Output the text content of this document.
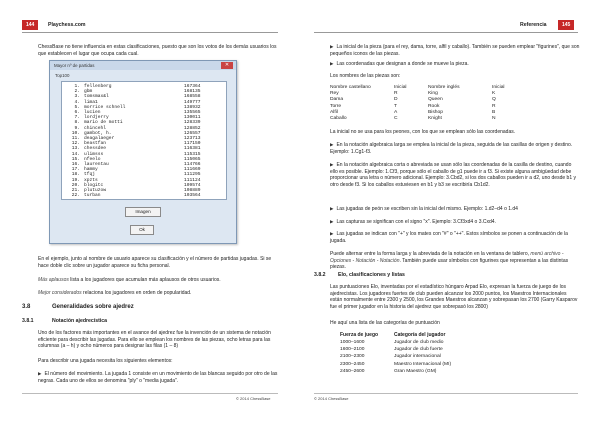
144	Playchess.com

ChessBase no tiene influencia en estas clasificaciones, puesto que son los votos de los demás usuarios los que establecen el lugar que ocupa cada cual.

Mayor nº de partidas	✕
Top100
1. fellenberg	167364
2. gbm	168135
3. tomsmax&l	168558
4. lima1	149777
5. morrice schnell	138932
6. lucien	135565
7. lordjerry	130011
8. mario de motti	128339
9. chincehl	128852
10. gambot, h.	126557
11. deagalaeger	123713
12. beastfan	117150
13. chessdee	116381
14. ulimsss	115315
15. nfeelo	115065
16. laurentau	114766
17. hammy	111669
18. tfqj	111295
19. xpzts	111124
20. blogitc	109574
21. plutuzow	108889
22. turban	103564
Imagen
Ok

En el ejemplo, junto al nombre de usuario aparece su clasificación y el número de partidas jugadas. Si se hace doble clic sobre un jugador aparece su ficha personal.

Más aplausos lista a los jugadores que acumulan más aplausos de otros usuarios.

Mejor considerados relaciona los jugadores en orden de popularidad.

3.8	Generalidades sobre ajedrez
3.8.1	Notación ajedrecística

Uno de los factores más importantes en el avance del ajedrez fue la invención de un sistema de notación eficiente para describir las jugadas. Para ello se emplean los nombres de las piezas, ocho letras para las columnas (a – h) y ocho números para designar las filas (1 – 8)

Para describir una jugada necesita los siguientes elementos:

▶ El número del movimiento. La jugada 1 consiste en un movimiento de las blancas seguido por otro de las negras. Cada uno de ellos se denomina "ply" o "media jugada".

© 2014 ChessBase
Referencia	145

▶ La inicial de la pieza (para el rey, dama, torre, alfil y caballo). También se pueden emplear "figurines", que son pequeños iconos de las piezas.

▶ Las coordenadas que designan a donde se mueve la pieza.

Los nombres de las piezas son:

Nombre castellano	Inicial	Nombre inglés	Inicial
Rey	R	King	K
Dama	D	Queen	Q
Torre	T	Rook	R
Alfil	A	Bishop	B
Caballo	C	Knight	N

La inicial no se usa para los peones, con los que se emplean sólo las coordenadas.

▶ En la notación algebraica larga se emplea la inicial de la pieza, seguida de las casillas de origen y destino. Ejemplo: 1.Cg1-f3.

▶ En la notación algebraica corta o abreviada se usan sólo las coordenadas de la casilla de destino, cuando ello es posible. Ejemplo: 1.Cf3, porque sólo el caballo de g1 puede ir a f3. Si existe alguna ambigüedad debe proporcionar una letra o número adicional. Ejemplo: 3.Cbd2, si los dos caballos pueden ir a d2, uno desde b1 y otro desde f3. Si los caballos estuviesen en b1 y b3 se escribiría Cb1d2.

▶ Las jugadas de peón se escriben sin la inicial del mismo. Ejemplo: 1.d2–d4 o 1.d4

▶ Las capturas se significan con el signo "x". Ejemplo: 3.Cf3xd4 o 3.Cxd4.

▶ Las jugadas se indican con "+" y los mates con "#" o "++". Estos símbolos se ponen a continuación de la jugada.

Puede alternar entre la forma larga y la abreviada de la notación en la ventana de tablero, menú archivo - Opciones - Notación - Notación. También puede usar símbolos con figurines que representan a las distintas piezas.

3.8.2 Elo, clasificaciones y listas

Las puntuaciones Elo, inventadas por el estadístico húngaro Arpad Elo, expresan la fuerza de juego de los ajedrecistas. Los jugadores fuertes de club pueden alcanzar los 2000 puntos, los Maestros Internacionales están normalmente entre 2300 y 2500, los Grandes Maestros alcanzan y sobrepasan los 2700 (Garry Kasparov fue el primer jugador en la historia del ajedrez que sobrepasó los 2800)

He aquí una lista de las categorías de puntuación

Fuerza de juego	Categoría del jugador
1000–1600	Jugador de club medio
1600–2100	Jugador de club fuerte
2100–2300	Jugador internacional
2300–2450	Maestro Internacional (MI)
2450–2600	Gran Maestro (GM)
© 2014 ChessBase
